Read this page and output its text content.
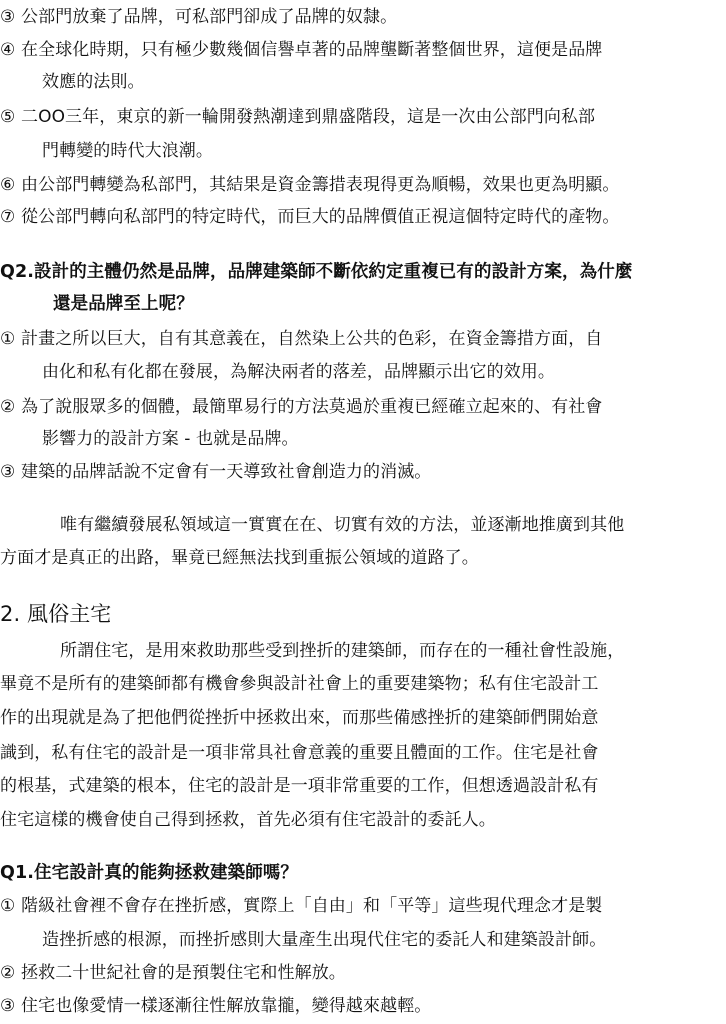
③ 公部門放棄了品牌，可私部門卻成了品牌的奴隸。
④ 在全球化時期，只有極少數幾個信譽卓著的品牌壟斷著整個世界，這便是品牌
效應的法則。
⑤ 二OO三年，東京的新一輪開發熱潮達到鼎盛階段，這是一次由公部門向私部
門轉變的時代大浪潮。
⑥ 由公部門轉變為私部門，其結果是資金籌措表現得更為順暢，效果也更為明顯。
⑦ 從公部門轉向私部門的特定時代，而巨大的品牌價值正視這個特定時代的產物。
Q2.設計的主體仍然是品牌，品牌建築師不斷依約定重複已有的設計方案，為什麼
還是品牌至上呢？
① 計畫之所以巨大，自有其意義在，自然染上公共的色彩，在資金籌措方面，自
由化和私有化都在發展，為解決兩者的落差，品牌顯示出它的效用。
② 為了說服眾多的個體，最簡單易行的方法莫過於重複已經確立起來的、有社會
影響力的設計方案 - 也就是品牌。
③ 建築的品牌話說不定會有一天導致社會創造力的消滅。
唯有繼續發展私領域這一實實在在、切實有效的方法，並逐漸地推廣到其他
方面才是真正的出路，畢竟已經無法找到重振公領域的道路了。
2. 風俗主宅
所謂住宅，是用來救助那些受到挫折的建築師，而存在的一種社會性設施，
畢竟不是所有的建築師都有機會參與設計社會上的重要建築物；私有住宅設計工
作的出現就是為了把他們從挫折中拯救出來，而那些備感挫折的建築師們開始意
識到，私有住宅的設計是一項非常具社會意義的重要且體面的工作。住宅是社會
的根基，式建築的根本，住宅的設計是一項非常重要的工作，但想透過設計私有
住宅這樣的機會使自己得到拯救，首先必須有住宅設計的委託人。
Q1.住宅設計真的能夠拯救建築師嗎？
① 階級社會裡不會存在挫折感，實際上「自由」和「平等」這些現代理念才是製
造挫折感的根源，而挫折感則大量產生出現代住宅的委託人和建築設計師。
② 拯救二十世紀社會的是預製住宅和性解放。
③ 住宅也像愛情一樣逐漸往性解放靠攏，變得越來越輕。
